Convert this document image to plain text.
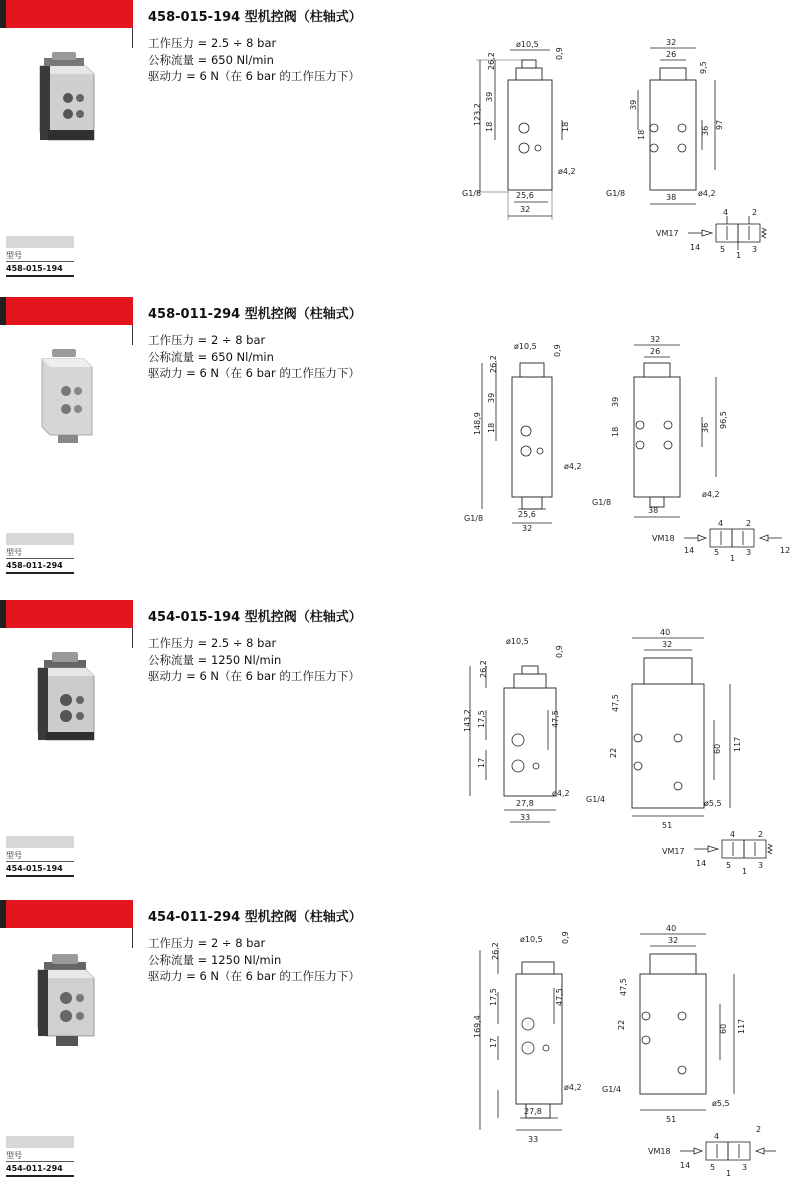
458-015-194 型机控阀（柱轴式）
工作压力 = 2.5 ÷ 8 bar
公称流量 = 650 Nl/min
驱动力 = 6 N（在 6 bar 的工作压力下）
型号
458-015-194
ø10,5
0,9
123,2
26,2
39
18	18
ø4,2
G1/8	25,6
32
32
26
9,5
39
18	36
97
ø4,2
G1/8	38
VM17
14
4	2
5
1
3
458-011-294 型机控阀（柱轴式）
工作压力 = 2 ÷ 8 bar
公称流量 = 650 Nl/min
驱动力 = 6 N（在 6 bar 的工作压力下）
型号
458-011-294
ø10,5 0,9
148,9
26,2
39
18
ø4,2
G1/8	25,6
32
32
26
39
18	36 96,5
ø4,2
G1/8
38
VM18
14
4	2
5
1
3	12
454-015-194 型机控阀（柱轴式）
工作压力 = 2.5 ÷ 8 bar
公称流量 = 1250 Nl/min
驱动力 = 6 N（在 6 bar 的工作压力下）
型号
454-015-194
ø10,5
0,9
143,2
26,2
17,5
17
47,5
ø4,2
27,8
33
40
32
47,5
22	60 117
ø5,5
G1/4
51
VM17
14
4	2
5
1
3
454-011-294 型机控阀（柱轴式）
工作压力 = 2 ÷ 8 bar
公称流量 = 1250 Nl/min
驱动力 = 6 N（在 6 bar 的工作压力下）
型号
454-011-294
ø10,5 0,9
169,4
26,2
17,5
17
47,5
ø4,2
27,8
33
40
32
47,5
22	60 117
ø5,5
G1/4
51
VM18
14
4
2
5
1
3
